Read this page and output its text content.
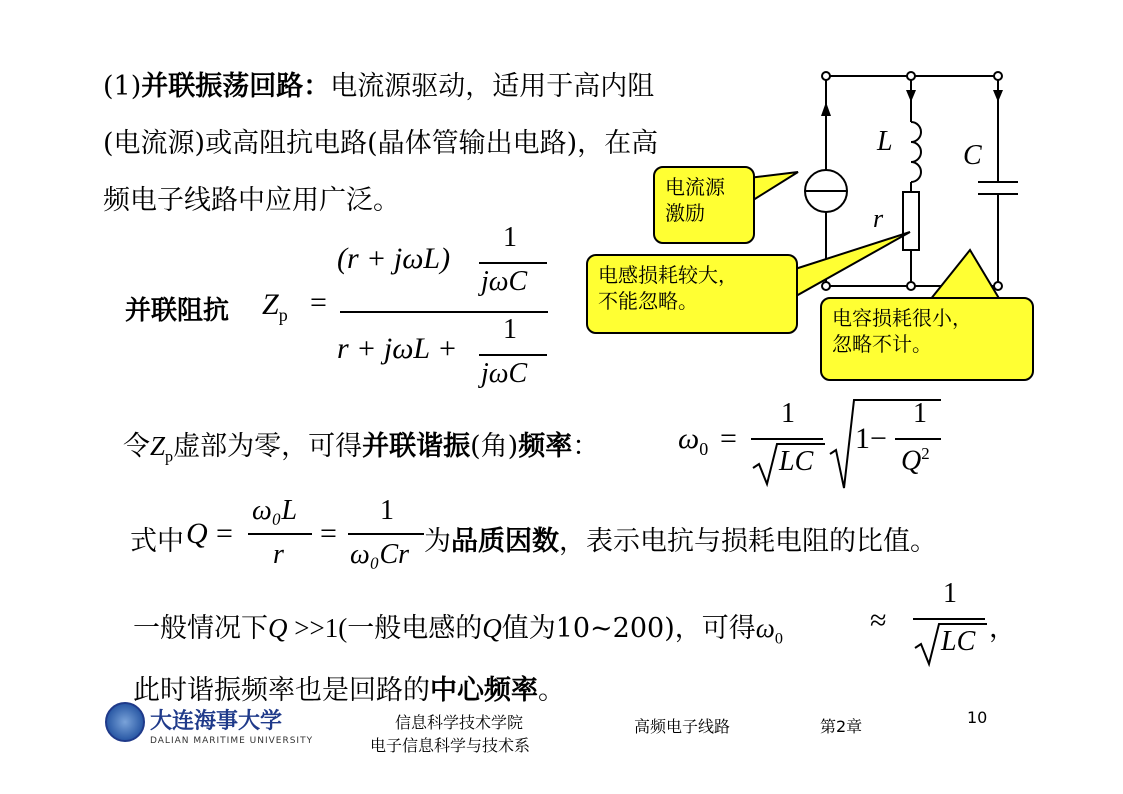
(1)并联振荡回路：电流源驱动，适用于高内阻
(电流源)或高阻抗电路(晶体管输出电路)，在高
频电子线路中应用广泛。
并联阻抗 $Z_p$ =
(r + jωL)
1
jωC
r + jωL +
1
jωC
令$Z_p$虚部为零，可得并联谐振(角)频率：	$\omega_0$ =
1
LC
1−
1
$Q^2$
式中 Q =
ω₀L
r
=
1
ω₀Cr 为品质因数，表示电抗与损耗电阻的比值。
一般情况下Q >>1(一般电感的Q值为10~200)，可得$\omega_0$
≈
1
LC ，
此时谐振频率也是回路的中心频率。
L	C
r
电流源
激励
电感损耗较大，
不能忽略。
电容损耗很小，
忽略不计。
大连海事大学
DALIAN MARITIME UNIVERSITY
信息科学技术学院
电子信息科学与技术系
高频电子线路	第2章	10
